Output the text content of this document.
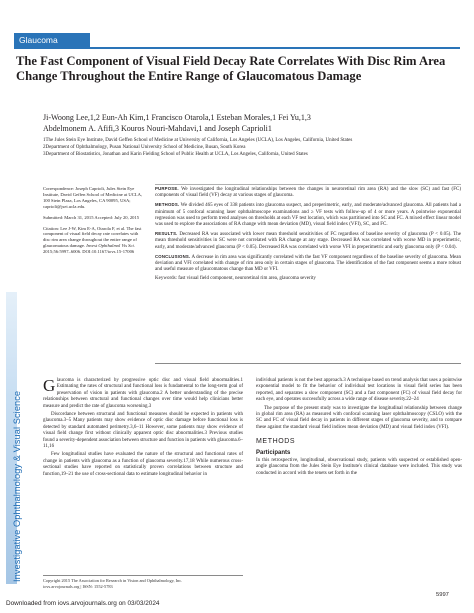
Investigative Ophthalmology & Visual Science
Glaucoma
The Fast Component of Visual Field Decay Rate Correlates With Disc Rim Area Change Throughout the Entire Range of Glaucomatous Damage
Ji-Woong Lee,1,2 Eun-Ah Kim,1 Francisco Otarola,1 Esteban Morales,1 Fei Yu,1,3
Abdelmonem A. Afifi,3 Kouros Nouri-Mahdavi,1 and Joseph Caprioli1
1The Jules Stein Eye Institute, David Geffen School of Medicine at University of California, Los Angeles (UCLA), Los Angeles, California, United States
2Department of Ophthalmology, Pusan National University School of Medicine, Busan, South Korea
3Department of Biostatistics, Jonathan and Karin Fielding School of Public Health at UCLA, Los Angeles, California, United States
Correspondence: Joseph Caprioli, Jules Stein Eye Institute, David Geffen School of Medicine at UCLA, 100 Stein Plaza, Los Angeles, CA 90095, USA; caprioli@jsei.ucla.edu.
Submitted: March 31, 2015 Accepted: July 20, 2015
Citation: Lee J-W, Kim E-A, Otarola F, et al. The fast component of visual field decay rate correlates with disc rim area change throughout the entire range of glaucomatous damage. Invest Ophthalmol Vis Sci. 2015;56:5997–6006. DOI:10.1167/iovs.15-17006

PURPOSE. We investigated the longitudinal relationships between the changes in neuroretinal rim area (RA) and the slow (SC) and fast (FC) components of visual field (VF) decay at various stages of glaucoma.

METHODS. We divided 465 eyes of 338 patients into glaucoma suspect, and preperimetric, early, and moderate/advanced glaucoma. All patients had a minimum of 5 confocal scanning laser ophthalmoscope examinations and ≥ VF tests with follow-up of 4 or more years. A pointwise exponential regression was used to perform trend analyses on thresholds at each VF test location, which was partitioned into SC and FC. A mixed effect linear model was used to explore the associations of RA change with mean deviation (MD), visual field index (VFI), SC, and FC.

RESULTS. Decreased RA was associated with lower mean threshold sensitivities of FC regardless of baseline severity of glaucoma (P < 0.05). The mean threshold sensitivities in SC were not correlated with RA change at any stage. Decreased RA was correlated with worse MD in preperimetric, early, and moderate/advanced glaucoma (P < 0.05). Decreased RA was correlated with worse VFI in preperimetric and early glaucoma only (P < 0.04).

CONCLUSIONS. A decrease in rim area was significantly correlated with the fast VF component regardless of the baseline severity of glaucoma. Mean deviation and VFI correlated with change of rim area only in certain stages of glaucoma. The identification of the fast component seems a more robust and useful measure of glaucomatous change than MD or VFI.

Keywords: fast visual field component, neuroretinal rim area, glaucoma severity

Glaucoma is characterized by progressive optic disc and visual field abnormalities.1 Estimating the rates of structural and functional loss is fundamental to the long-term goal of preservation of vision in patients with glaucoma.2 A better understanding of the precise relationships between structural and functional changes over time would help clinicians better measure and predict the rate of glaucoma worsening.3

Discordance between structural and functional measures should be expected in patients with glaucoma.3–5 Many patients may show evidence of optic disc damage before functional loss is detected by standard automated perimetry.3,6–11 However, some patients may show evidence of visual field change first without clinically apparent optic disc abnormalities.3 Previous studies found a severity-dependent association between structure and function in patients with glaucoma.6–11,16

Few longitudinal studies have evaluated the nature of the structural and functional rates of change in patients with glaucoma as a function of glaucoma severity.17,18 While numerous cross-sectional studies have reported on statistically proven correlations between structure and function,19–21 the use of cross-sectional data to estimate longitudinal behavior in

individual patients is not the best approach.3 A technique based on trend analysis that uses a pointwise exponential model to fit the behavior of individual test locations in visual field series has been reported, and separates a slow component (SC) and a fast component (FC) of visual field decay for each eye, and operates successfully across a wide range of disease severity.22–24

The purpose of the present study was to investigate the longitudinal relationship between change in global rim area (RA) as measured with confocal scanning laser ophthalmoscopy (CSLO) with the SC and FC of visual field decay in patients in different stages of glaucoma severity, and to compare these against the standard visual field indices mean deviation (MD) and visual field index (VFI).

METHODS
Participants

In this retrospective, longitudinal, observational study, patients with suspected or established open-angle glaucoma from the Jules Stein Eye Institute's clinical database were included. This study was conducted in accord with the tenets set forth in the

Copyright 2015 The Association for Research in Vision and Ophthalmology, Inc.
iovs.arvojournals.org | ISSN: 1552-5783
5997
Downloaded from iovs.arvojournals.org on 03/03/2024
